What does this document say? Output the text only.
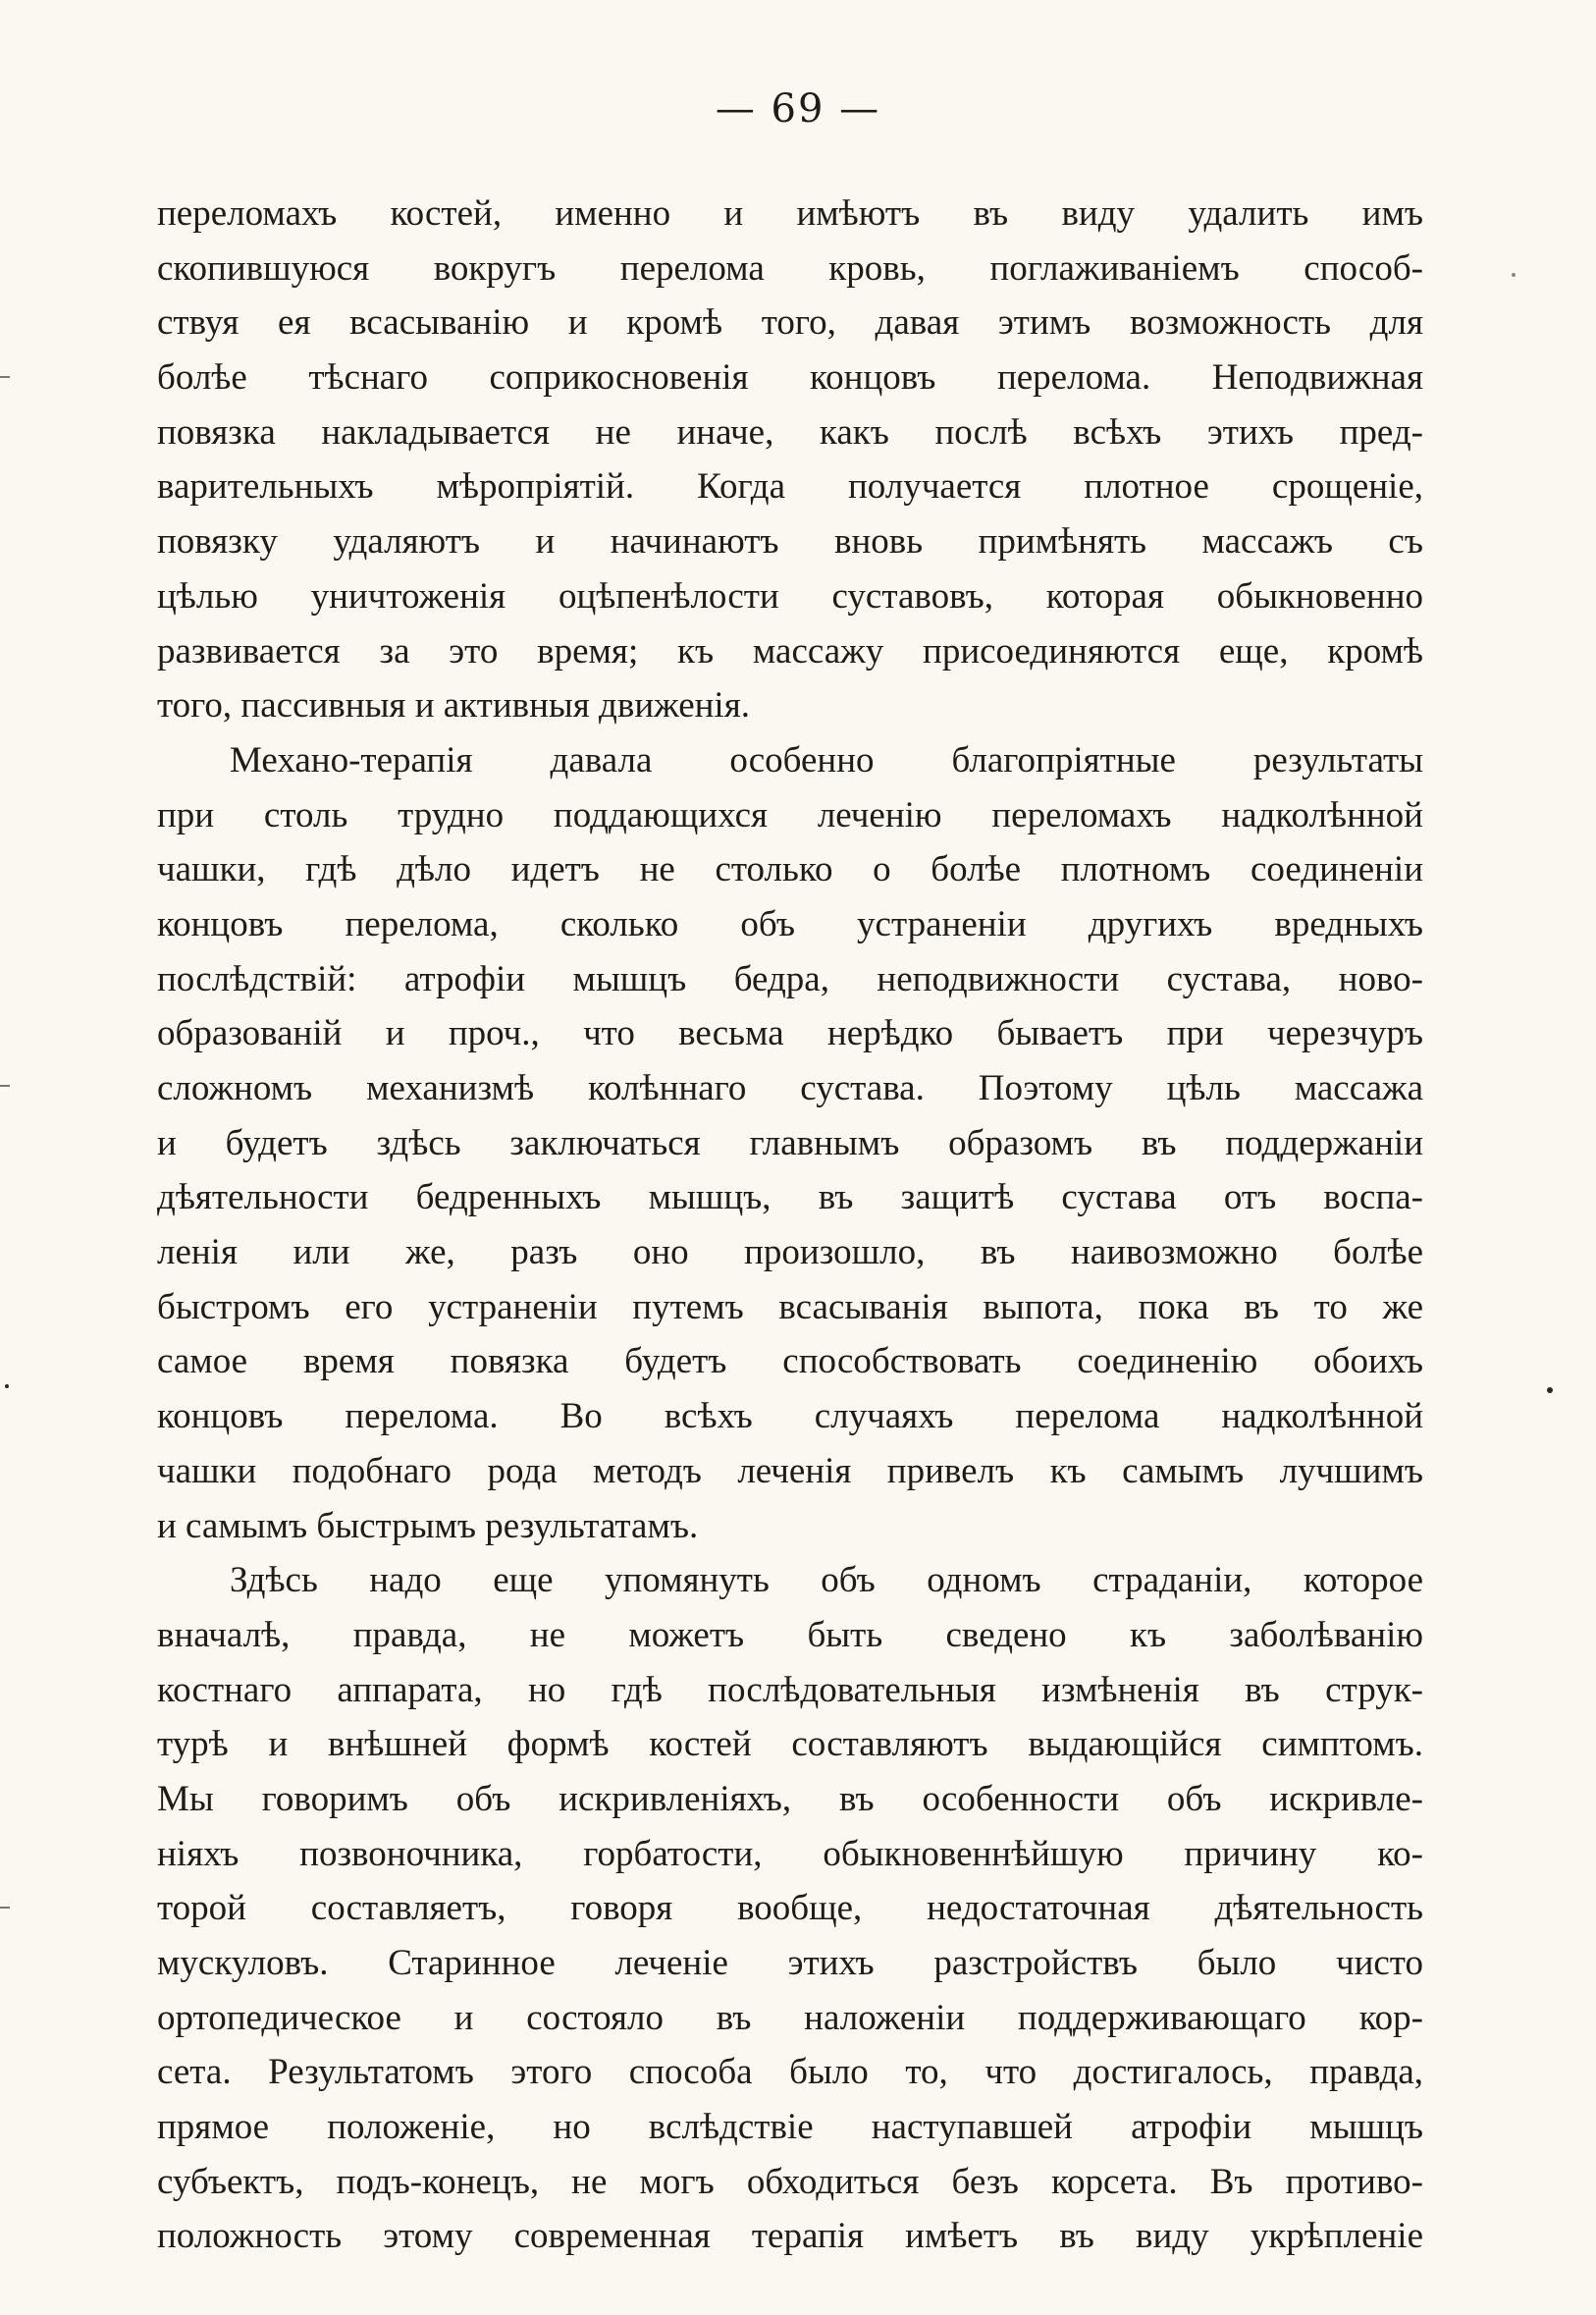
— 69 —
переломахъ костей, именно и имѣютъ въ виду удалить имъ
скопившуюся вокругъ перелома кровь, поглаживаніемъ способ-
ствуя ея всасыванію и кромѣ того, давая этимъ возможность для
болѣе тѣснаго соприкосновенія концовъ перелома. Неподвижная
повязка накладывается не иначе, какъ послѣ всѣхъ этихъ пред-
варительныхъ мѣропріятій. Когда получается плотное срощеніе,
повязку удаляютъ и начинаютъ вновь примѣнять массажъ съ
цѣлью уничтоженія оцѣпенѣлости суставовъ, которая обыкновенно
развивается за это время; къ массажу присоединяются еще, кромѣ
того, пассивныя и активныя движенія.
Механо-терапія давала особенно благопріятные результаты
при столь трудно поддающихся леченію переломахъ надколѣнной
чашки, гдѣ дѣло идетъ не столько о болѣе плотномъ соединеніи
концовъ перелома, сколько объ устраненіи другихъ вредныхъ
послѣдствій: атрофіи мышцъ бедра, неподвижности сустава, ново-
образованій и проч., что весьма нерѣдко бываетъ при черезчуръ
сложномъ механизмѣ колѣннаго сустава. Поэтому цѣль массажа
и будетъ здѣсь заключаться главнымъ образомъ въ поддержаніи
дѣятельности бедренныхъ мышцъ, въ защитѣ сустава отъ воспа-
ленія или же, разъ оно произошло, въ наивозможно болѣе
быстромъ его устраненіи путемъ всасыванія выпота, пока въ то же
самое время повязка будетъ способствовать соединенію обоихъ
концовъ перелома. Во всѣхъ случаяхъ перелома надколѣнной
чашки подобнаго рода методъ леченія привелъ къ самымъ лучшимъ
и самымъ быстрымъ результатамъ.
Здѣсь надо еще упомянуть объ одномъ страданіи, которое
вначалѣ, правда, не можетъ быть сведено къ заболѣванію
костнаго аппарата, но гдѣ послѣдовательныя измѣненія въ струк-
турѣ и внѣшней формѣ костей составляютъ выдающійся симптомъ.
Мы говоримъ объ искривленіяхъ, въ особенности объ искривле-
ніяхъ позвоночника, горбатости, обыкновеннѣйшую причину ко-
торой составляетъ, говоря вообще, недостаточная дѣятельность
мускуловъ. Старинное леченіе этихъ разстройствъ было чисто
ортопедическое и состояло въ наложеніи поддерживающаго кор-
сета. Результатомъ этого способа было то, что достигалось, правда,
прямое положеніе, но вслѣдствіе наступавшей атрофіи мышцъ
субъектъ, подъ-конецъ, не могъ обходиться безъ корсета. Въ противо-
положность этому современная терапія имѣетъ въ виду укрѣпленіе
